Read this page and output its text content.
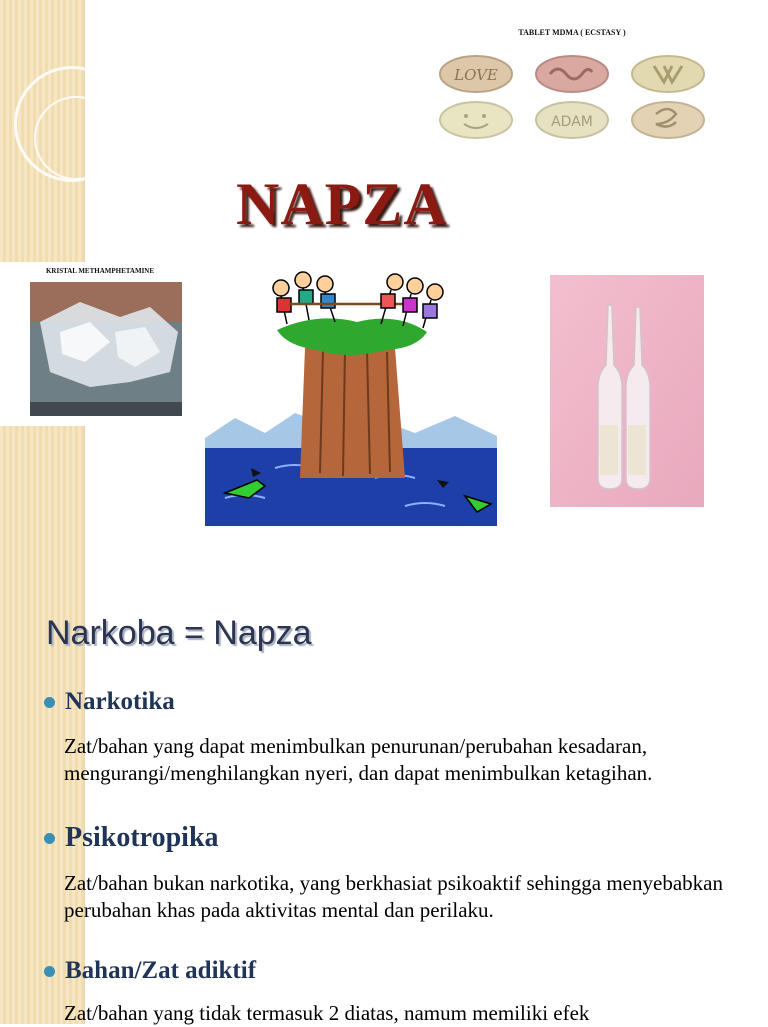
TABLET MDMA ( ECSTASY )
LOVE
ADAM
NAPZA
KRISTAL METHAMPHETAMINE
Narkoba = Napza
Narkotika
Zat/bahan yang dapat menimbulkan penurunan/perubahan kesadaran, mengurangi/menghilangkan nyeri, dan dapat menimbulkan ketagihan.
Psikotropika
Zat/bahan bukan narkotika, yang berkhasiat psikoaktif sehingga menyebabkan perubahan khas pada aktivitas mental dan perilaku.
Bahan/Zat adiktif
Zat/bahan yang tidak termasuk 2 diatas, namum memiliki efek
